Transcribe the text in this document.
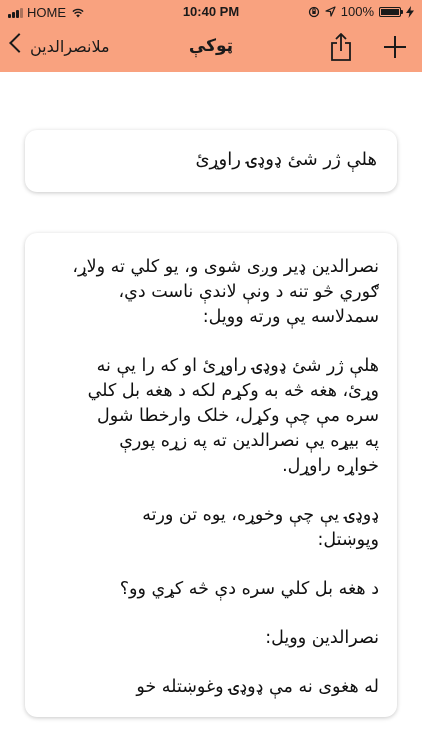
HOME	10:40 PM	100%
ملانصرالدين	ټوکې
هلې ژر شئ ډوډۍ راوړئ

نصرالدين ډير وږی شوی و، يو کلي ته ولاړ،
ګوري څو تنه د ونې لاندې ناست دي،
سمدلاسه يې ورته وويل:

هلې ژر شئ ډوډۍ راوړئ او که را يې نه
وړئ، هغه څه به وکړم لکه د هغه بل کلي
سره مې چې وکړل، خلک وارخطا شول
په بيړه يې نصرالدين ته په زړه پورې
خواړه راوړل.

ډوډۍ يې چې وخوړه، يوه تن ورته
وپوښتل:

د هغه بل کلي سره دې څه کړي وو؟

نصرالدين وويل:

له هغوی نه مې ډوډۍ وغوښتله خو
